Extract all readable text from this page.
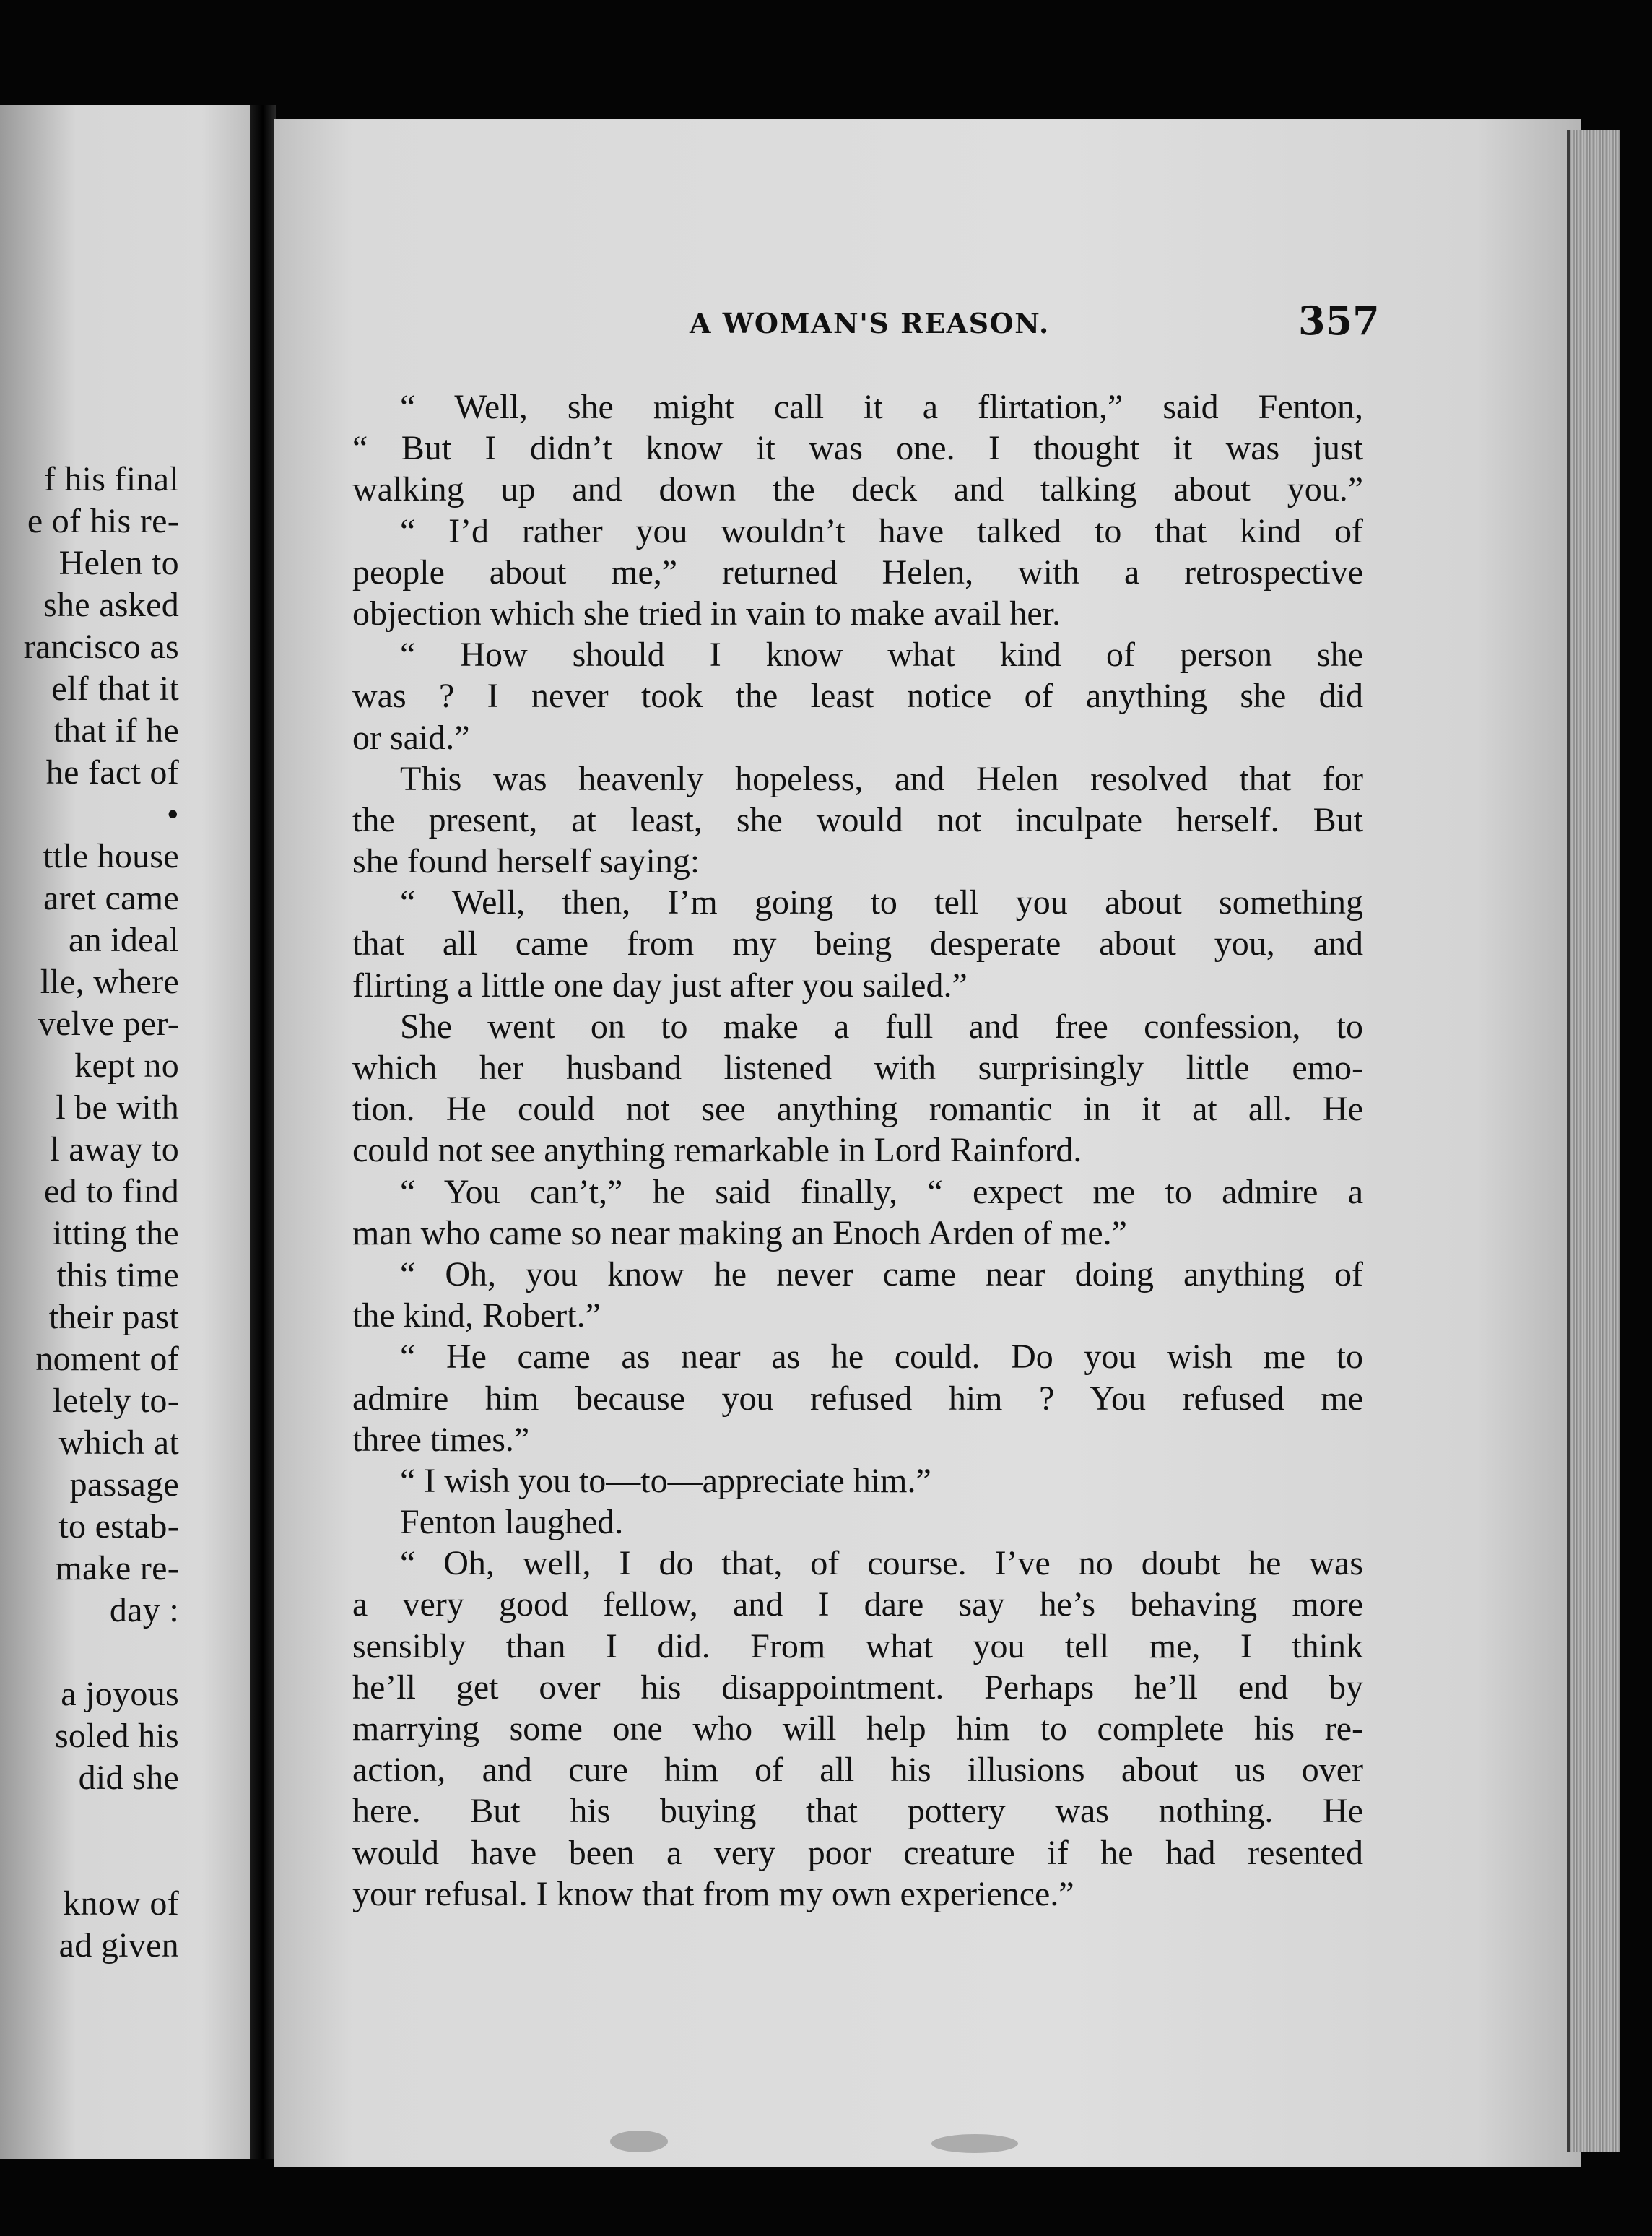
f his final
e of his re-
Helen to
she asked
rancisco as
elf that it
that if he
he fact of
•
ttle house
aret came
an ideal
lle, where
velve per-
kept no
l be with
l away to
ed to find
itting the
this time
their past
noment of
letely to-
which at
passage
to estab-
make re-
day :
a joyous
soled his
did she
know of
ad given
A WOMAN'S REASON.	357
“ Well, she might call it a flirtation,” said Fenton,
“ But I didn’t know it was one. I thought it was just
walking up and down the deck and talking about you.”
“ I’d rather you wouldn’t have talked to that kind of
people about me,” returned Helen, with a retrospective
objection which she tried in vain to make avail her.
“ How should I know what kind of person she
was ? I never took the least notice of anything she did
or said.”
This was heavenly hopeless, and Helen resolved that for
the present, at least, she would not inculpate herself. But
she found herself saying:
“ Well, then, I’m going to tell you about something
that all came from my being desperate about you, and
flirting a little one day just after you sailed.”
She went on to make a full and free confession, to
which her husband listened with surprisingly little emo-
tion. He could not see anything romantic in it at all. He
could not see anything remarkable in Lord Rainford.
“ You can’t,” he said finally, “ expect me to admire a
man who came so near making an Enoch Arden of me.”
“ Oh, you know he never came near doing anything of
the kind, Robert.”
“ He came as near as he could. Do you wish me to
admire him because you refused him ? You refused me
three times.”
“ I wish you to—to—appreciate him.”
Fenton laughed.
“ Oh, well, I do that, of course. I’ve no doubt he was
a very good fellow, and I dare say he’s behaving more
sensibly than I did. From what you tell me, I think
he’ll get over his disappointment. Perhaps he’ll end by
marrying some one who will help him to complete his re-
action, and cure him of all his illusions about us over
here. But his buying that pottery was nothing. He
would have been a very poor creature if he had resented
your refusal. I know that from my own experience.”
